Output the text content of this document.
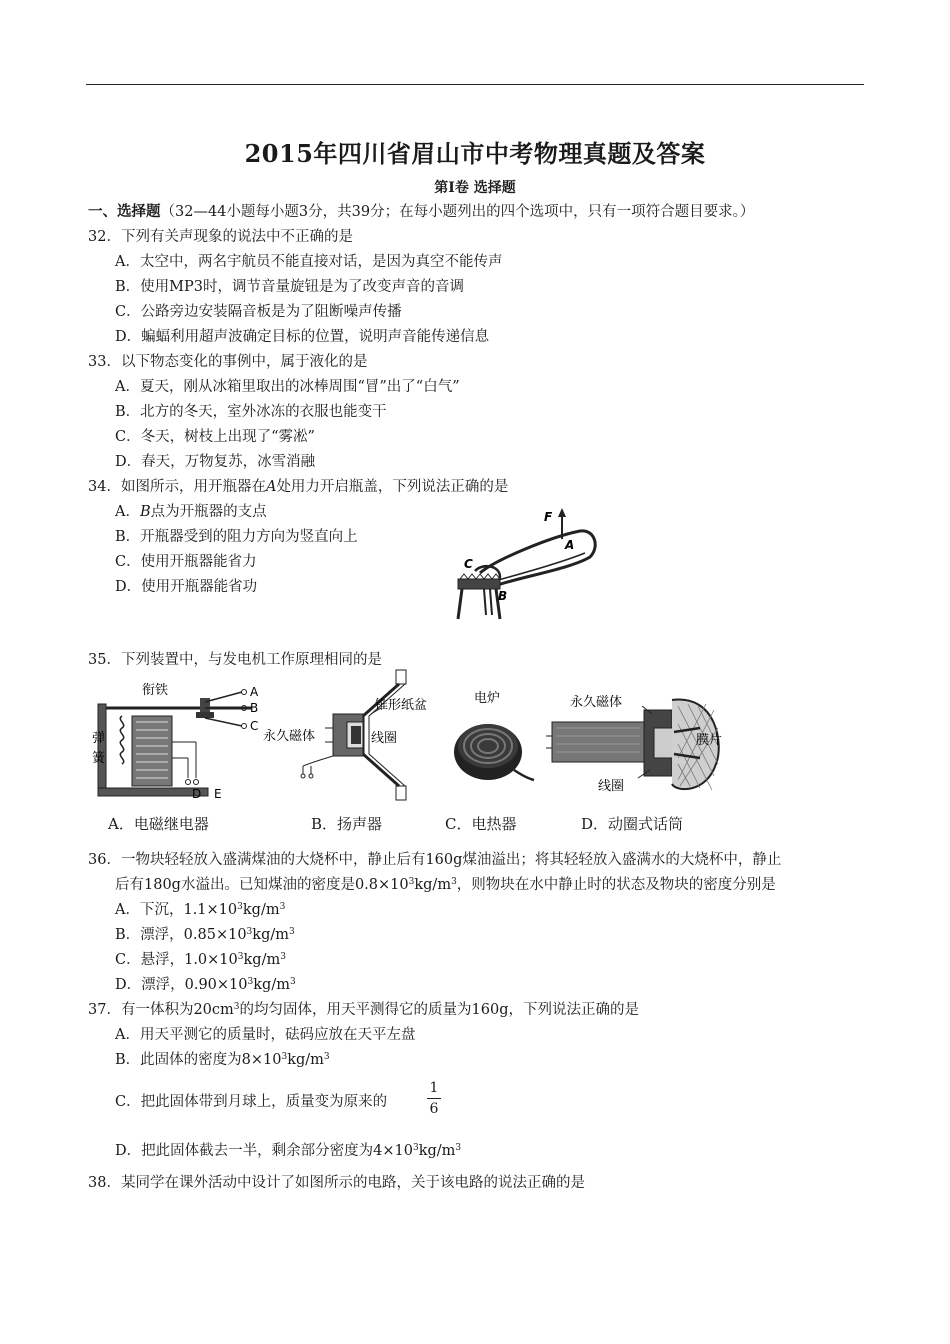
2015年四川省眉山市中考物理真题及答案
第Ⅰ卷 选择题
一、选择题（32—44小题每小题3分，共39分；在每小题列出的四个选项中，只有一项符合题目要求。）
32．下列有关声现象的说法中不正确的是
A．太空中，两名宇航员不能直接对话，是因为真空不能传声
B．使用MP3时，调节音量旋钮是为了改变声音的音调
C．公路旁边安装隔音板是为了阻断噪声传播
D．蝙蝠利用超声波确定目标的位置，说明声音能传递信息
33．以下物态变化的事例中，属于液化的是
A．夏天，刚从冰箱里取出的冰棒周围“冒”出了“白气”
B．北方的冬天，室外冰冻的衣服也能变干
C．冬天，树枝上出现了“雾凇”
D．春天，万物复苏，冰雪消融
34．如图所示，用开瓶器在A处用力开启瓶盖，下列说法正确的是
A．B点为开瓶器的支点
B．开瓶器受到的阻力方向为竖直向上
C．使用开瓶器能省力
D．使用开瓶器能省功
F
A
C
B
35．下列装置中，与发电机工作原理相同的是
衔铁
弹
簧
A
B
C
D E
锥形纸盆
永久磁体	线圈
电炉	永久磁体
膜片
线圈
A．电磁继电器	B．扬声器	C．电热器	D．动圈式话筒
36．一物块轻轻放入盛满煤油的大烧杯中，静止后有160g煤油溢出；将其轻轻放入盛满水的大烧杯中，静止
后有180g水溢出。已知煤油的密度是$0.8\times 10^3kg/m^3$，则物块在水中静止时的状态及物块的密度分别是
A．下沉，$1.1\times 10^3kg/m^3$
B．漂浮，$0.85\times 10^3kg/m^3$
C．悬浮，$1.0\times 10^3kg/m^3$
D．漂浮，$0.90\times 10^3kg/m^3$
37．有一体积为$20cm^3$的均匀固体，用天平测得它的质量为160g，下列说法正确的是
A．用天平测它的质量时，砝码应放在天平左盘
B．此固体的密度为$8\times 10^3kg/m^3$
C．把此固体带到月球上，质量变为原来的
1
6
D．把此固体截去一半，剩余部分密度为$4\times 10^3kg/m^3$
38．某同学在课外活动中设计了如图所示的电路，关于该电路的说法正确的是
